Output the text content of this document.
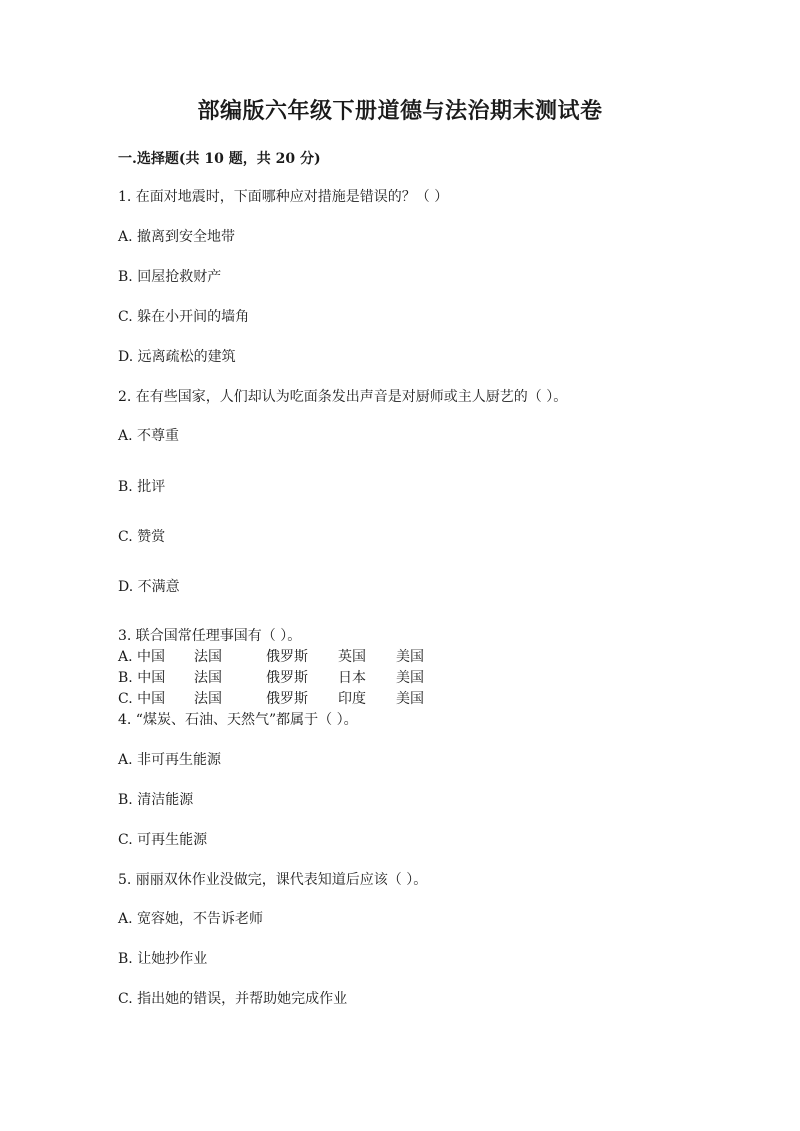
部编版六年级下册道德与法治期末测试卷
一.选择题(共 10 题，共 20 分)
1. 在面对地震时，下面哪种应对措施是错误的？（ ）
A. 撤离到安全地带
B. 回屋抢救财产
C. 躲在小开间的墙角
D. 远离疏松的建筑
2. 在有些国家，人们却认为吃面条发出声音是对厨师或主人厨艺的（ ）。
A. 不尊重
B. 批评
C. 赞赏
D. 不满意
3. 联合国常任理事国有（ ）。
A. 中国 法国	俄罗斯 英国 美国
B. 中国 法国	俄罗斯 日本 美国
C. 中国 法国	俄罗斯 印度 美国
4. “煤炭、石油、天然气”都属于（ ）。
A. 非可再生能源
B. 清洁能源
C. 可再生能源
5. 丽丽双休作业没做完，课代表知道后应该（ ）。
A. 宽容她，不告诉老师
B. 让她抄作业
C. 指出她的错误，并帮助她完成作业
